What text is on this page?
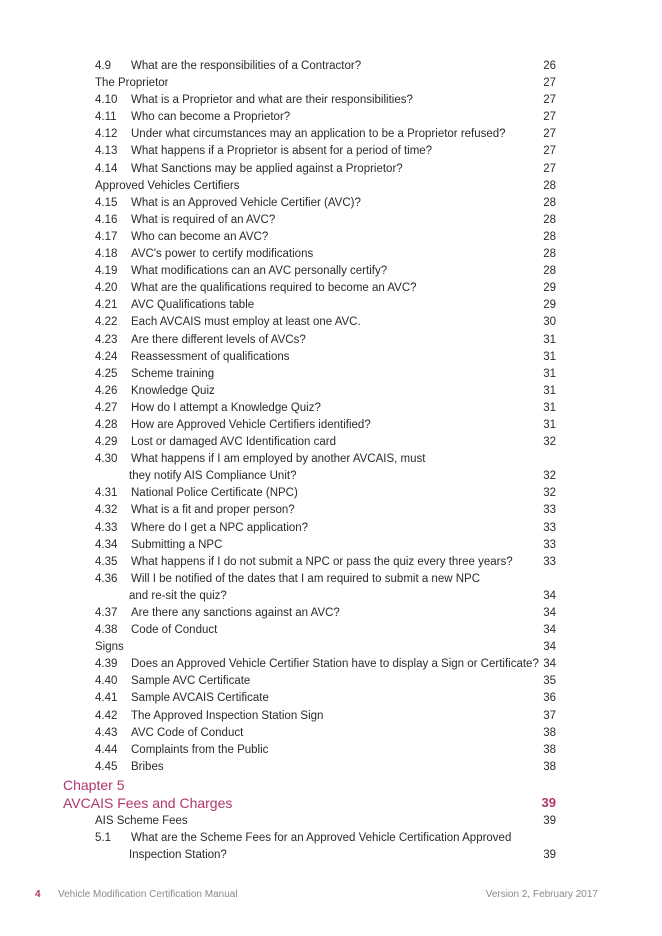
4.9 What are the responsibilities of a Contractor?	26
The Proprietor	27
4.10 What is a Proprietor and what are their responsibilities?	27
4.11 Who can become a Proprietor?	27
4.12 Under what circumstances may an application to be a Proprietor refused?	27
4.13 What happens if a Proprietor is absent for a period of time?	27
4.14 What Sanctions may be applied against a Proprietor?	27
Approved Vehicles Certifiers	28
4.15 What is an Approved Vehicle Certifier (AVC)?	28
4.16 What is required of an AVC?	28
4.17 Who can become an AVC?	28
4.18 AVC's power to certify modifications	28
4.19 What modifications can an AVC personally certify?	28
4.20 What are the qualifications required to become an AVC?	29
4.21 AVC Qualifications table	29
4.22 Each AVCAIS must employ at least one AVC.	30
4.23 Are there different levels of AVCs?	31
4.24 Reassessment of qualifications	31
4.25 Scheme training	31
4.26 Knowledge Quiz	31
4.27 How do I attempt a Knowledge Quiz?	31
4.28 How are Approved Vehicle Certifiers identified?	31
4.29 Lost or damaged AVC Identification card	32
4.30 What happens if I am employed by another AVCAIS, must
they notify AIS Compliance Unit?	32
4.31 National Police Certificate (NPC)	32
4.32 What is a fit and proper person?	33
4.33 Where do I get a NPC application?	33
4.34 Submitting a NPC	33
4.35 What happens if I do not submit a NPC or pass the quiz every three years?	33
4.36 Will I be notified of the dates that I am required to submit a new NPC
and re-sit the quiz?	34
4.37 Are there any sanctions against an AVC?	34
4.38 Code of Conduct	34
Signs	34
4.39 Does an Approved Vehicle Certifier Station have to display a Sign or Certificate? 34
4.40 Sample AVC Certificate	35
4.41 Sample AVCAIS Certificate	36
4.42 The Approved Inspection Station Sign	37
4.43 AVC Code of Conduct	38
4.44 Complaints from the Public	38
4.45 Bribes	38
Chapter 5
AVCAIS Fees and Charges	39
AIS Scheme Fees	39
5.1 What are the Scheme Fees for an Approved Vehicle Certification Approved
Inspection Station?	39
4 Vehicle Modification Certification Manual	Version 2, February 2017
